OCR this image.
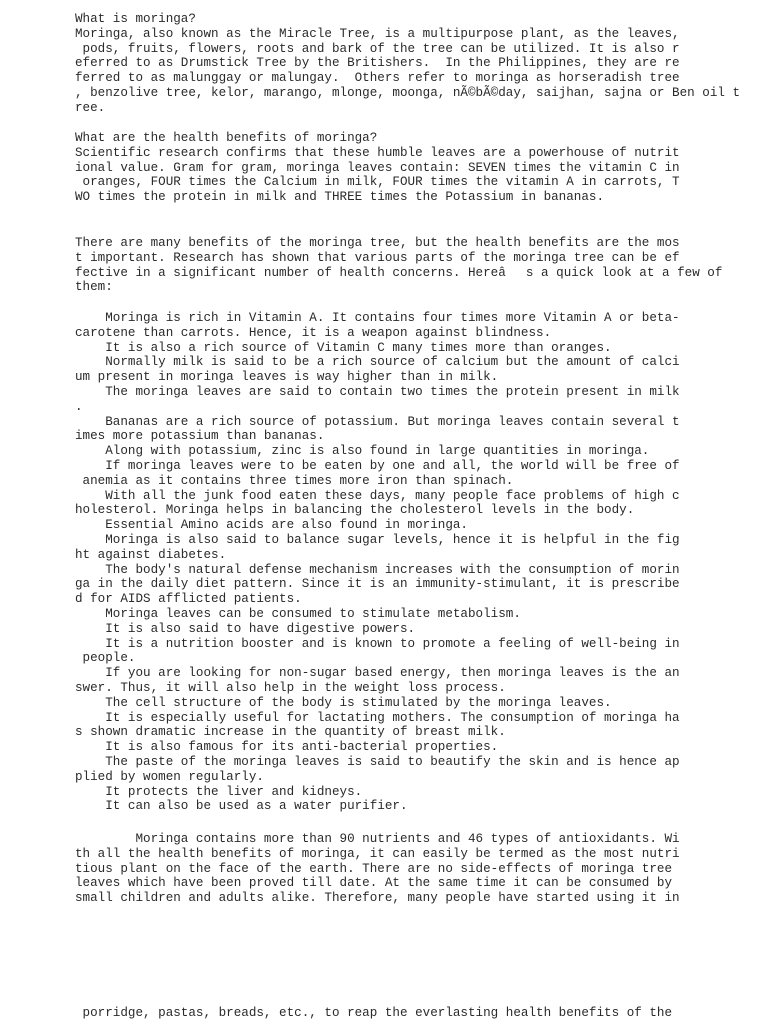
What is moringa?
Moringa, also known as the Miracle Tree, is a multipurpose plant, as the leaves,
pods, fruits, flowers, roots and bark of the tree can be utilized. It is also r
eferred to as Drumstick Tree by the Britishers.  In the Philippines, they are re
ferred to as malunggay or malungay.  Others refer to moringa as horseradish tree
, benzolive tree, kelor, marango, mlonge, moonga, nÃ©bÃ©day, saijhan, sajna or Ben oil t
ree.
What are the health benefits of moringa?
Scientific research confirms that these humble leaves are a powerhouse of nutrit
ional value. Gram for gram, moringa leaves contain: SEVEN times the vitamin C in
oranges, FOUR times the Calcium in milk, FOUR times the vitamin A in carrots, T
WO times the protein in milk and THREE times the Potassium in bananas.
There are many benefits of the moringa tree, but the health benefits are the mos
t important. Research has shown that various parts of the moringa tree can be ef
fective in a significant number of health concerns. Hereâs a quick look at a few of
them:
Moringa is rich in Vitamin A. It contains four times more Vitamin A or beta-
carotene than carrots. Hence, it is a weapon against blindness.
It is also a rich source of Vitamin C many times more than oranges.
Normally milk is said to be a rich source of calcium but the amount of calci
um present in moringa leaves is way higher than in milk.
The moringa leaves are said to contain two times the protein present in milk
.
Bananas are a rich source of potassium. But moringa leaves contain several t
imes more potassium than bananas.
Along with potassium, zinc is also found in large quantities in moringa.
If moringa leaves were to be eaten by one and all, the world will be free of
anemia as it contains three times more iron than spinach.
With all the junk food eaten these days, many people face problems of high c
holesterol. Moringa helps in balancing the cholesterol levels in the body.
Essential Amino acids are also found in moringa.
Moringa is also said to balance sugar levels, hence it is helpful in the fig
ht against diabetes.
The body's natural defense mechanism increases with the consumption of morin
ga in the daily diet pattern. Since it is an immunity-stimulant, it is prescribe
d for AIDS afflicted patients.
Moringa leaves can be consumed to stimulate metabolism.
It is also said to have digestive powers.
It is a nutrition booster and is known to promote a feeling of well-being in
people.
If you are looking for non-sugar based energy, then moringa leaves is the an
swer. Thus, it will also help in the weight loss process.
The cell structure of the body is stimulated by the moringa leaves.
It is especially useful for lactating mothers. The consumption of moringa ha
s shown dramatic increase in the quantity of breast milk.
It is also famous for its anti-bacterial properties.
The paste of the moringa leaves is said to beautify the skin and is hence ap
plied by women regularly.
It protects the liver and kidneys.
It can also be used as a water purifier.
Moringa contains more than 90 nutrients and 46 types of antioxidants. Wi
th all the health benefits of moringa, it can easily be termed as the most nutri
tious plant on the face of the earth. There are no side-effects of moringa tree
leaves which have been proved till date. At the same time it can be consumed by
small children and adults alike. Therefore, many people have started using it in
porridge, pastas, breads, etc., to reap the everlasting health benefits of the
